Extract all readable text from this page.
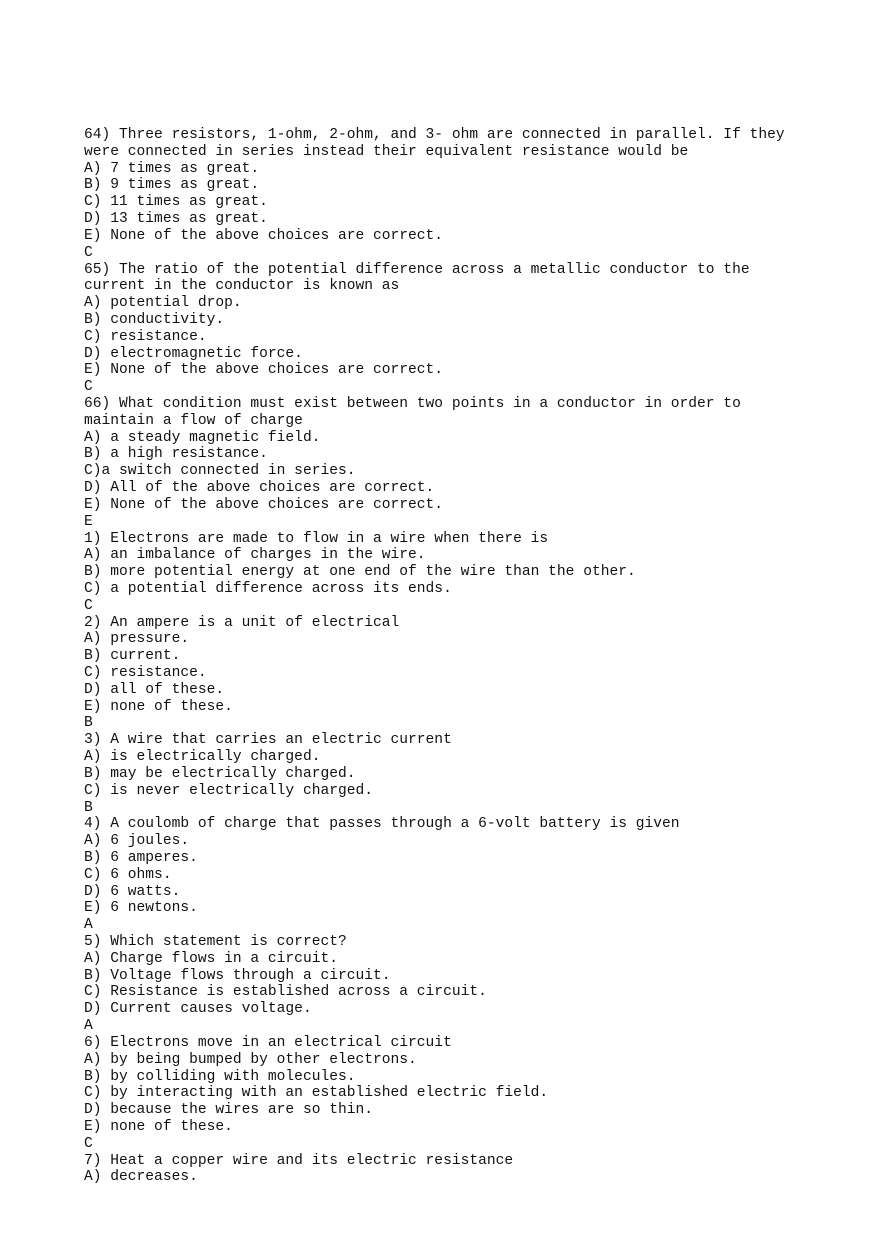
64) Three resistors, 1-ohm, 2-ohm, and 3- ohm are connected in parallel. If they
were connected in series instead their equivalent resistance would be
A) 7 times as great.
B) 9 times as great.
C) 11 times as great.
D) 13 times as great.
E) None of the above choices are correct.
C
65) The ratio of the potential difference across a metallic conductor to the
current in the conductor is known as
A) potential drop.
B) conductivity.
C) resistance.
D) electromagnetic force.
E) None of the above choices are correct.
C
66) What condition must exist between two points in a conductor in order to
maintain a flow of charge
A) a steady magnetic field.
B) a high resistance.
C)a switch connected in series.
D) All of the above choices are correct.
E) None of the above choices are correct.
E
1) Electrons are made to flow in a wire when there is
A) an imbalance of charges in the wire.
B) more potential energy at one end of the wire than the other.
C) a potential difference across its ends.
C
2) An ampere is a unit of electrical
A) pressure.
B) current.
C) resistance.
D) all of these.
E) none of these.
B
3) A wire that carries an electric current
A) is electrically charged.
B) may be electrically charged.
C) is never electrically charged.
B
4) A coulomb of charge that passes through a 6-volt battery is given
A) 6 joules.
B) 6 amperes.
C) 6 ohms.
D) 6 watts.
E) 6 newtons.
A
5) Which statement is correct?
A) Charge flows in a circuit.
B) Voltage flows through a circuit.
C) Resistance is established across a circuit.
D) Current causes voltage.
A
6) Electrons move in an electrical circuit
A) by being bumped by other electrons.
B) by colliding with molecules.
C) by interacting with an established electric field.
D) because the wires are so thin.
E) none of these.
C
7) Heat a copper wire and its electric resistance
A) decreases.
